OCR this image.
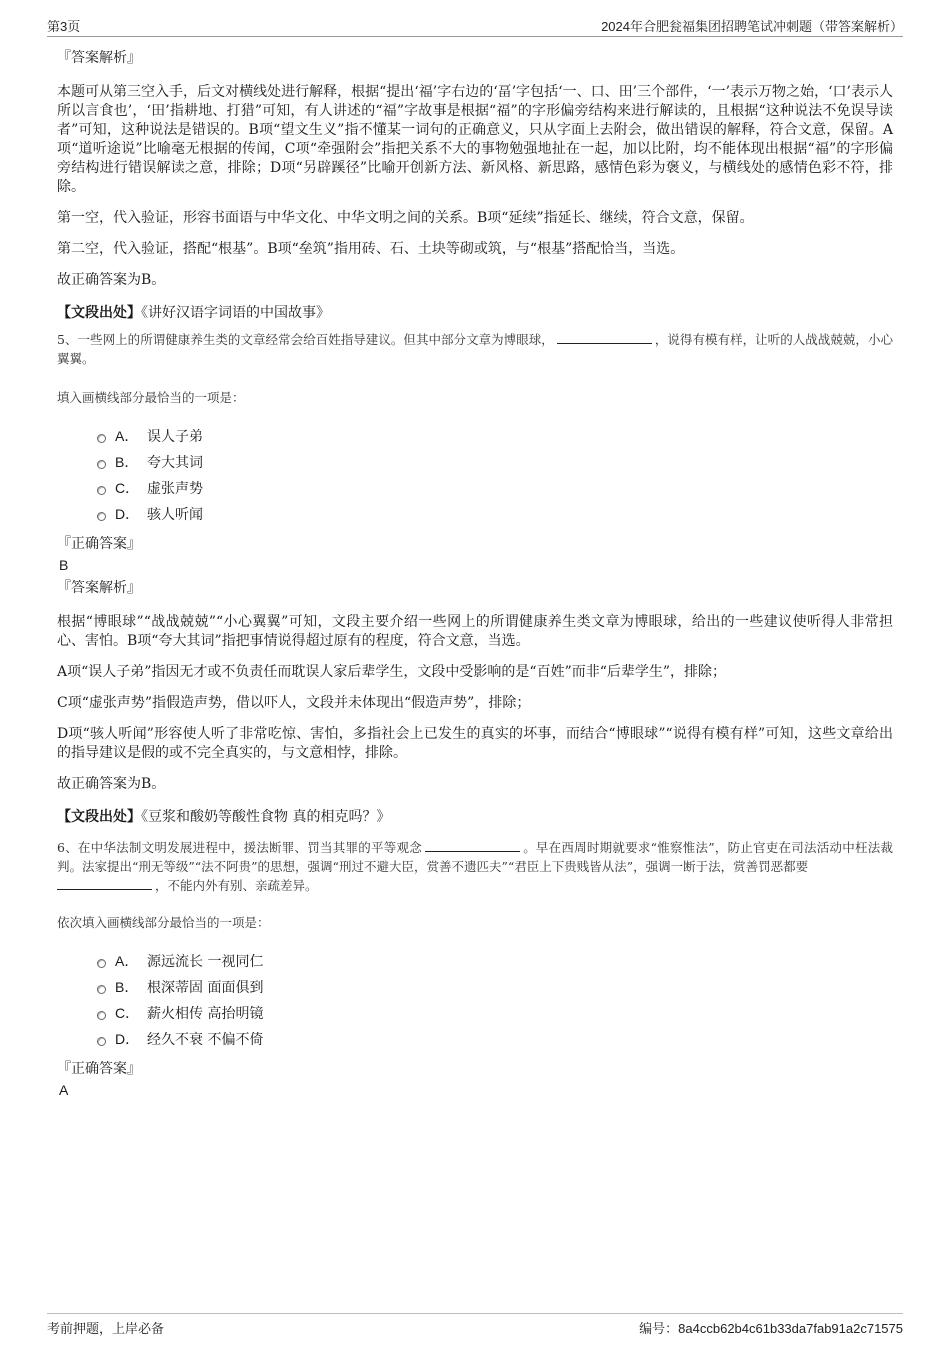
第3页	2024年合肥瓮福集团招聘笔试冲刺题（带答案解析）

『答案解析』

本题可从第三空入手，后文对横线处进行解释，根据“提出‘福’字右边的‘畐’字包括‘一、口、田’三个部件，‘一’表示万物之始，‘口’表示人所以言食也’，‘田’指耕地、打猎”可知，有人讲述的“福”字故事是根据“福”的字形偏旁结构来进行解读的，且根据“这种说法不免误导读者”可知，这种说法是错误的。B项“望文生义”指不懂某一词句的正确意义，只从字面上去附会，做出错误的解释，符合文意，保留。A项“道听途说”比喻毫无根据的传闻，C项“牵强附会”指把关系不大的事物勉强地扯在一起，加以比附，均不能体现出根据“福”的字形偏旁结构进行错误解读之意，排除；D项“另辟蹊径”比喻开创新方法、新风格、新思路，感情色彩为褒义，与横线处的感情色彩不符，排除。

第一空，代入验证，形容书面语与中华文化、中华文明之间的关系。B项“延续”指延长、继续，符合文意，保留。

第二空，代入验证，搭配“根基”。B项“垒筑”指用砖、石、土块等砌或筑，与“根基”搭配恰当，当选。

故正确答案为B。

【文段出处】《讲好汉语字词语的中国故事》

5、一些网上的所谓健康养生类的文章经常会给百姓指导建议。但其中部分文章为博眼球，	，说得有模有样，让听的人战战兢兢，小心翼翼。

填入画横线部分最恰当的一项是：

A． 误人子弟
B． 夸大其词
C． 虚张声势
D． 骇人听闻

『正确答案』

B

『答案解析』

根据“博眼球”“战战兢兢”“小心翼翼”可知，文段主要介绍一些网上的所谓健康养生类文章为博眼球，给出的一些建议使听得人非常担心、害怕。B项“夸大其词”指把事情说得超过原有的程度，符合文意，当选。

A项“误人子弟”指因无才或不负责任而耽误人家后辈学生，文段中受影响的是“百姓”而非“后辈学生”，排除；

C项“虚张声势”指假造声势，借以吓人，文段并未体现出“假造声势”，排除；

D项“骇人听闻”形容使人听了非常吃惊、害怕，多指社会上已发生的真实的坏事，而结合“博眼球”“说得有模有样”可知，这些文章给出的指导建议是假的或不完全真实的，与文意相悖，排除。

故正确答案为B。

【文段出处】《豆浆和酸奶等酸性食物 真的相克吗？》

6、在中华法制文明发展进程中，援法断罪、罚当其罪的平等观念	。早在西周时期就要求“惟察惟法”，防止官吏在司法活动中枉法裁判。法家提出“刑无等级”“法不阿贵”的思想，强调“刑过不避大臣，赏善不遗匹夫”“君臣上下贵贱皆从法”，强调一断于法，赏善罚恶都要
，不能内外有别、亲疏差异。

依次填入画横线部分最恰当的一项是：

A． 源远流长 一视同仁
B． 根深蒂固 面面俱到
C． 薪火相传 高抬明镜
D． 经久不衰 不偏不倚

『正确答案』

A

考前押题，上岸必备	编号：8a4ccb62b4c61b33da7fab91a2c71575
